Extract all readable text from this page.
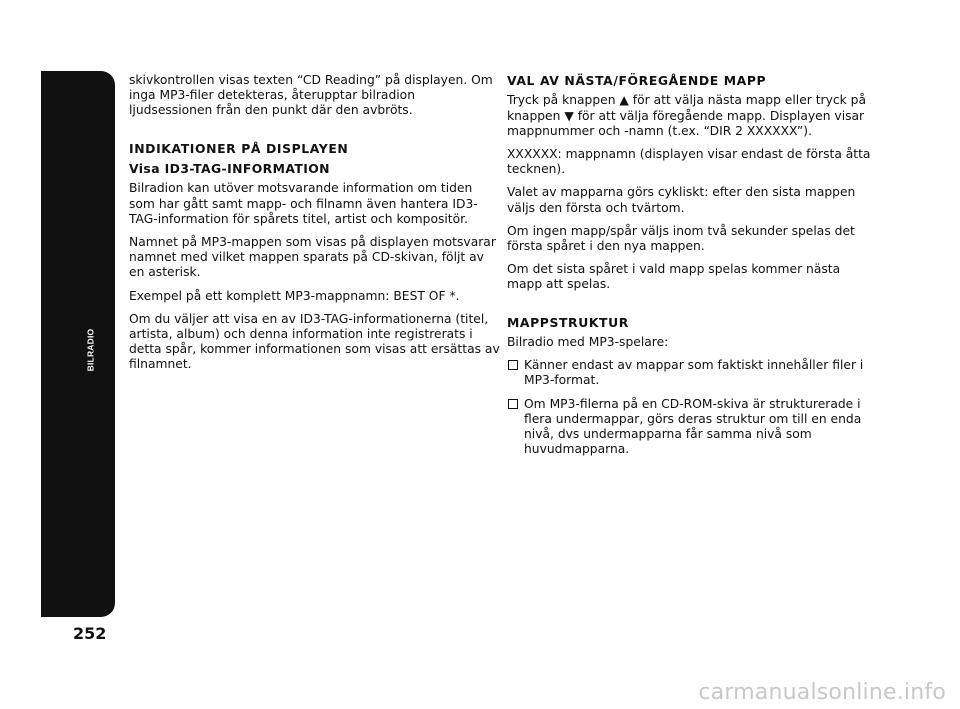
BILRADIO
252

skivkontrollen visas texten “CD Reading” på displayen. Om inga MP3-filer detekteras, återupptar bilradion ljudsessionen från den punkt där den avbröts.

INDIKATIONER PÅ DISPLAYEN
Visa ID3-TAG-INFORMATION

Bilradion kan utöver motsvarande information om tiden som har gått samt mapp- och filnamn även hantera ID3-TAG-information för spårets titel, artist och kompositör.

Namnet på MP3-mappen som visas på displayen motsvarar namnet med vilket mappen sparats på CD-skivan, följt av en asterisk.

Exempel på ett komplett MP3-mappnamn: BEST OF *.

Om du väljer att visa en av ID3-TAG-informationerna (titel, artista, album) och denna information inte registrerats i detta spår, kommer informationen som visas att ersättas av filnamnet.

VAL AV NÄSTA/FÖREGÅENDE MAPP

Tryck på knappen ▲ för att välja nästa mapp eller tryck på knappen ▼ för att välja föregående mapp. Displayen visar mappnummer och -namn (t.ex. “DIR 2 XXXXXX”).

XXXXXX: mappnamn (displayen visar endast de första åtta tecknen).

Valet av mapparna görs cykliskt: efter den sista mappen väljs den första och tvärtom.

Om ingen mapp/spår väljs inom två sekunder spelas det första spåret i den nya mappen.

Om det sista spåret i vald mapp spelas kommer nästa mapp att spelas.

MAPPSTRUKTUR

Bilradio med MP3-spelare:

Känner endast av mappar som faktiskt innehåller filer i MP3-format.
Om MP3-filerna på en CD-ROM-skiva är strukturerade i flera undermappar, görs deras struktur om till en enda nivå, dvs undermapparna får samma nivå som huvudmapparna.
carmanualsonline.info
